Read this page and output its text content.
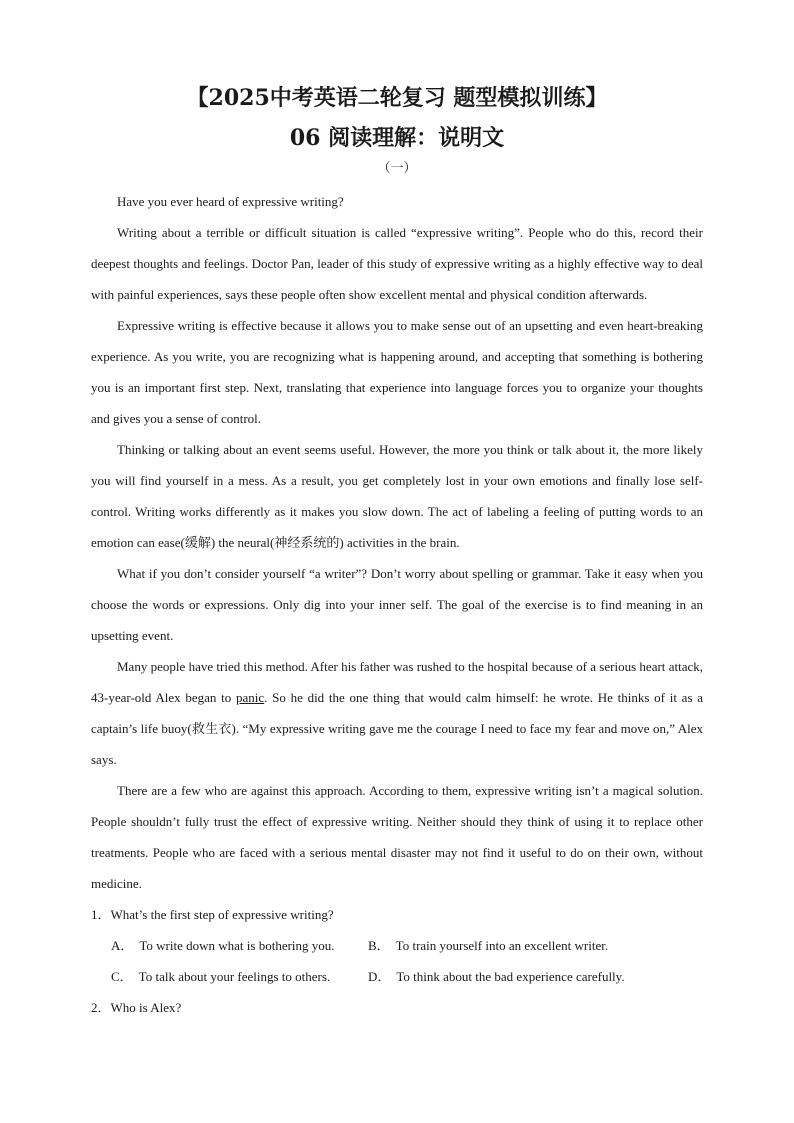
【2025中考英语二轮复习 题型模拟训练】
06 阅读理解：说明文
（一）

Have you ever heard of expressive writing?

Writing about a terrible or difficult situation is called “expressive writing”. People who do this, record their deepest thoughts and feelings. Doctor Pan, leader of this study of expressive writing as a highly effective way to deal with painful experiences, says these people often show excellent mental and physical condition afterwards.

Expressive writing is effective because it allows you to make sense out of an upsetting and even heart-breaking experience. As you write, you are recognizing what is happening around, and accepting that something is bothering you is an important first step. Next, translating that experience into language forces you to organize your thoughts and gives you a sense of control.

Thinking or talking about an event seems useful. However, the more you think or talk about it, the more likely you will find yourself in a mess. As a result, you get completely lost in your own emotions and finally lose self-control. Writing works differently as it makes you slow down. The act of labeling a feeling of putting words to an emotion can ease(缓解) the neural(神经系统的) activities in the brain.

What if you don’t consider yourself “a writer”? Don’t worry about spelling or grammar. Take it easy when you choose the words or expressions. Only dig into your inner self. The goal of the exercise is to find meaning in an upsetting event.

Many people have tried this method. After his father was rushed to the hospital because of a serious heart attack, 43-year-old Alex began to panic. So he did the one thing that would calm himself: he wrote. He thinks of it as a captain’s life buoy(救生衣). “My expressive writing gave me the courage I need to face my fear and move on,” Alex says.

There are a few who are against this approach. According to them, expressive writing isn’t a magical solution. People shouldn’t fully trust the effect of expressive writing. Neither should they think of using it to replace other treatments. People who are faced with a serious mental disaster may not find it useful to do on their own, without medicine.

1．What’s the first step of expressive writing?

A． To write down what is bothering you.	B． To train yourself into an excellent writer.
C． To talk about your feelings to others.	D． To think about the bad experience carefully.

2．Who is Alex?
